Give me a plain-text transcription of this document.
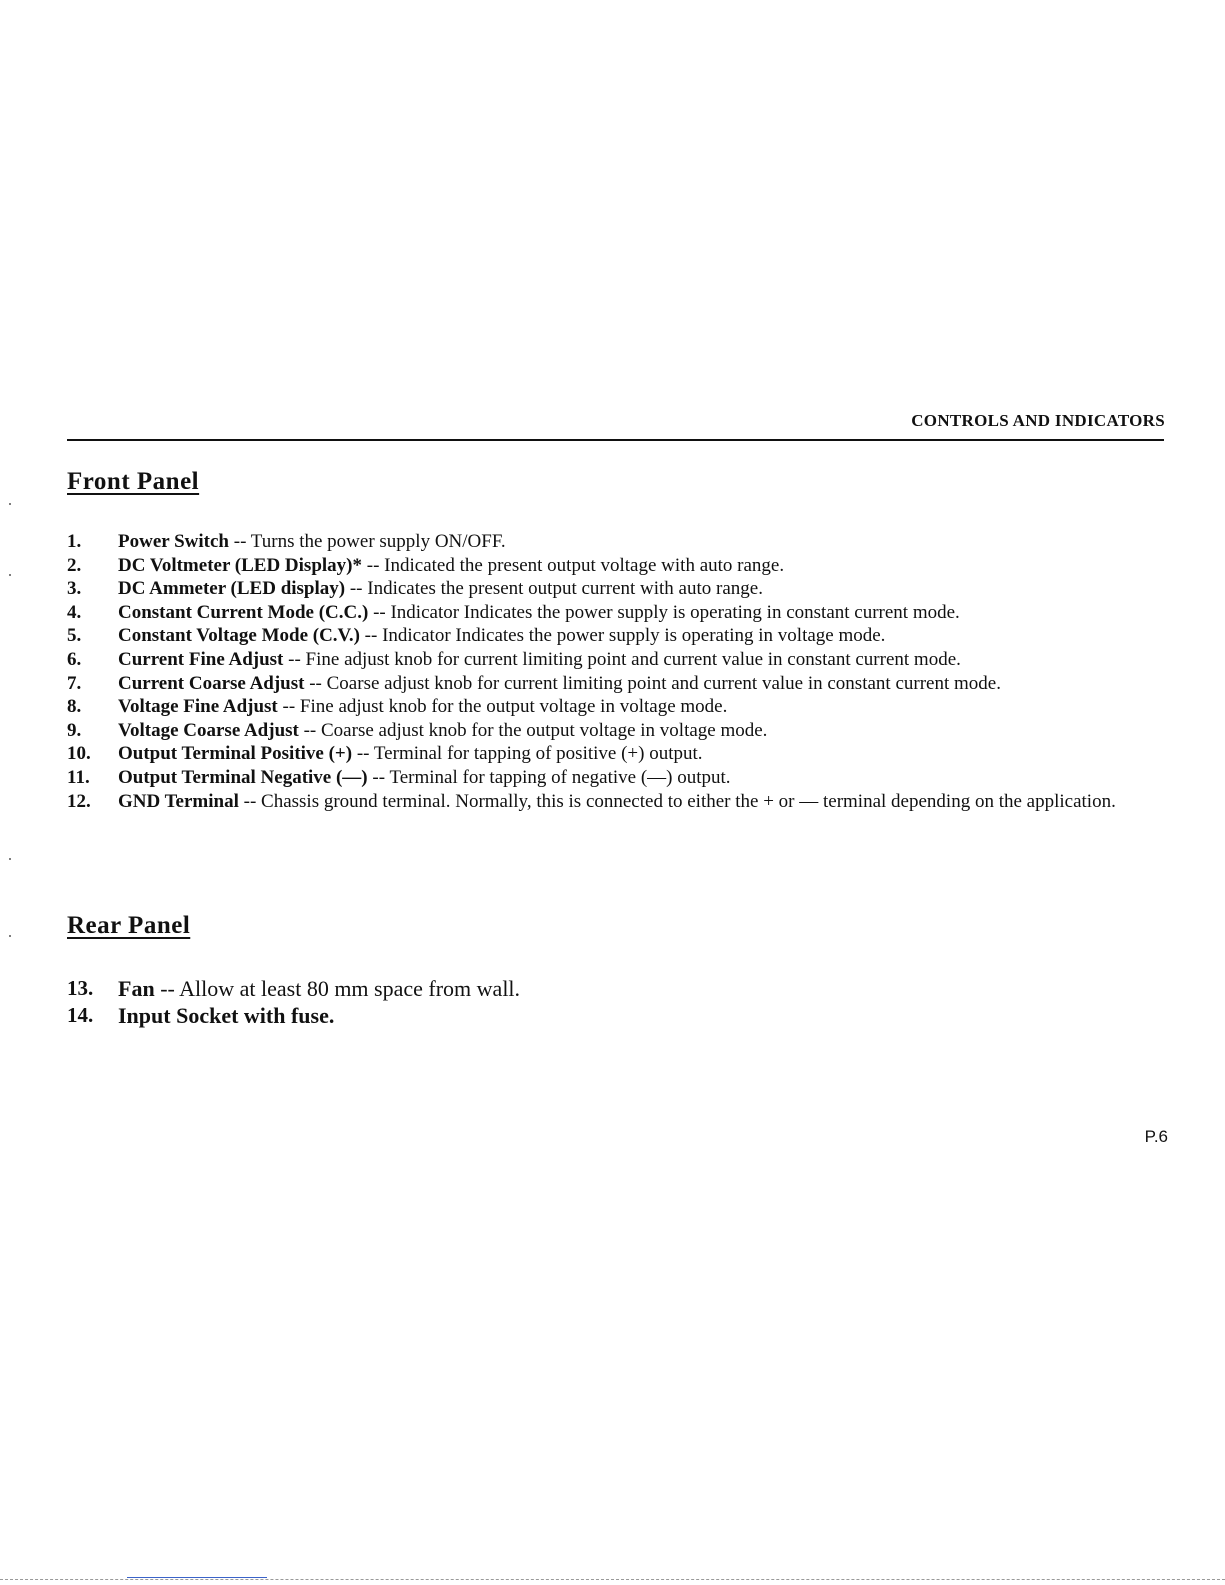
CONTROLS AND INDICATORS
Front Panel
1. Power Switch -- Turns the power supply ON/OFF.
2. DC Voltmeter (LED Display)* -- Indicated the present output voltage with auto range.
3. DC Ammeter (LED display) -- Indicates the present output current with auto range.
4. Constant Current Mode (C.C.) -- Indicator Indicates the power supply is operating in constant current mode.
5. Constant Voltage Mode (C.V.) -- Indicator Indicates the power supply is operating in voltage mode.
6. Current Fine Adjust -- Fine adjust knob for current limiting point and current value in constant current mode.
7. Current Coarse Adjust -- Coarse adjust knob for current limiting point and current value in constant current mode.
8. Voltage Fine Adjust -- Fine adjust knob for the output voltage in voltage mode.
9. Voltage Coarse Adjust -- Coarse adjust knob for the output voltage in voltage mode.
10. Output Terminal Positive (+) -- Terminal for tapping of positive (+) output.
11. Output Terminal Negative (—) -- Terminal for tapping of negative (—) output.
12. GND Terminal -- Chassis ground terminal. Normally, this is connected to either the + or — terminal depending on the application.
Rear Panel
13. Fan -- Allow at least 80 mm space from wall.
14. Input Socket with fuse.
P.6
